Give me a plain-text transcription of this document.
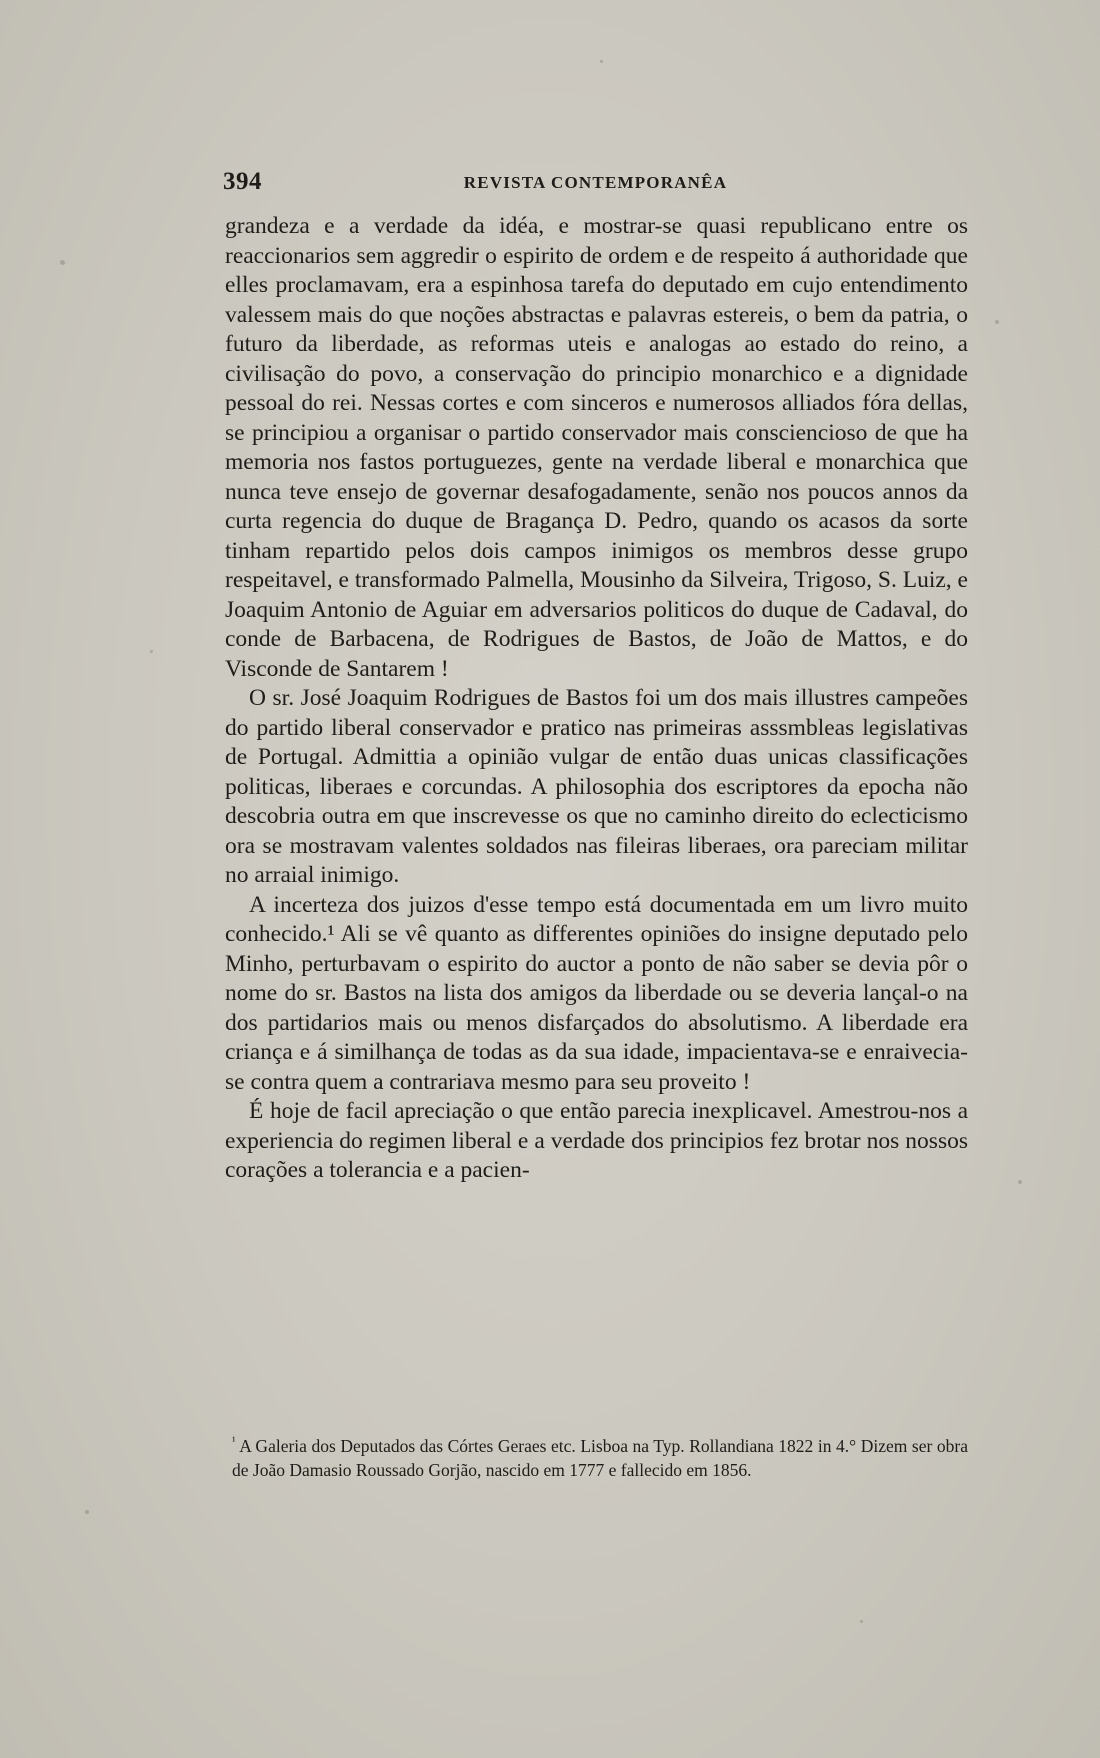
394	REVISTA CONTEMPORANÊA

grandeza e a verdade da idéa, e mostrar-se quasi republicano entre os reaccionarios sem aggredir o espirito de ordem e de respeito á authoridade que elles proclamavam, era a espinhosa tarefa do deputado em cujo entendimento valessem mais do que noções abstractas e palavras estereis, o bem da patria, o futuro da liberdade, as reformas uteis e analogas ao estado do reino, a civilisação do povo, a conservação do principio monarchico e a dignidade pessoal do rei. Nessas cortes e com sinceros e numerosos alliados fóra dellas, se principiou a organisar o partido conservador mais consciencioso de que ha memoria nos fastos portuguezes, gente na verdade liberal e monarchica que nunca teve ensejo de governar desafogadamente, senão nos poucos annos da curta regencia do duque de Bragança D. Pedro, quando os acasos da sorte tinham repartido pelos dois campos inimigos os membros desse grupo respeitavel, e transformado Palmella, Mousinho da Silveira, Trigoso, S. Luiz, e Joaquim Antonio de Aguiar em adversarios politicos do duque de Cadaval, do conde de Barbacena, de Rodrigues de Bastos, de João de Mattos, e do Visconde de Santarem !

O sr. José Joaquim Rodrigues de Bastos foi um dos mais illustres campeões do partido liberal conservador e pratico nas primeiras asssmbleas legislativas de Portugal. Admittia a opinião vulgar de então duas unicas classificações politicas, liberaes e corcundas. A philosophia dos escriptores da epocha não descobria outra em que inscrevesse os que no caminho direito do eclecticismo ora se mostravam valentes soldados nas fileiras liberaes, ora pareciam militar no arraial inimigo.

A incerteza dos juizos d'esse tempo está documentada em um livro muito conhecido.¹ Ali se vê quanto as differentes opiniões do insigne deputado pelo Minho, perturbavam o espirito do auctor a ponto de não saber se devia pôr o nome do sr. Bastos na lista dos amigos da liberdade ou se deveria lançal-o na dos partidarios mais ou menos disfarçados do absolutismo. A liberdade era criança e á similhança de todas as da sua idade, impacientava-se e enraivecia-se contra quem a contrariava mesmo para seu proveito !

É hoje de facil apreciação o que então parecia inexplicavel. Amestrou-nos a experiencia do regimen liberal e a verdade dos principios fez brotar nos nossos corações a tolerancia e a pacien-

$^{^1}$ A Galeria dos Deputados das Córtes Geraes etc. Lisboa na Typ. Rollandiana 1822 in 4.° Dizem ser obra de João Damasio Roussado Gorjão, nascido em 1777 e fallecido em 1856.
